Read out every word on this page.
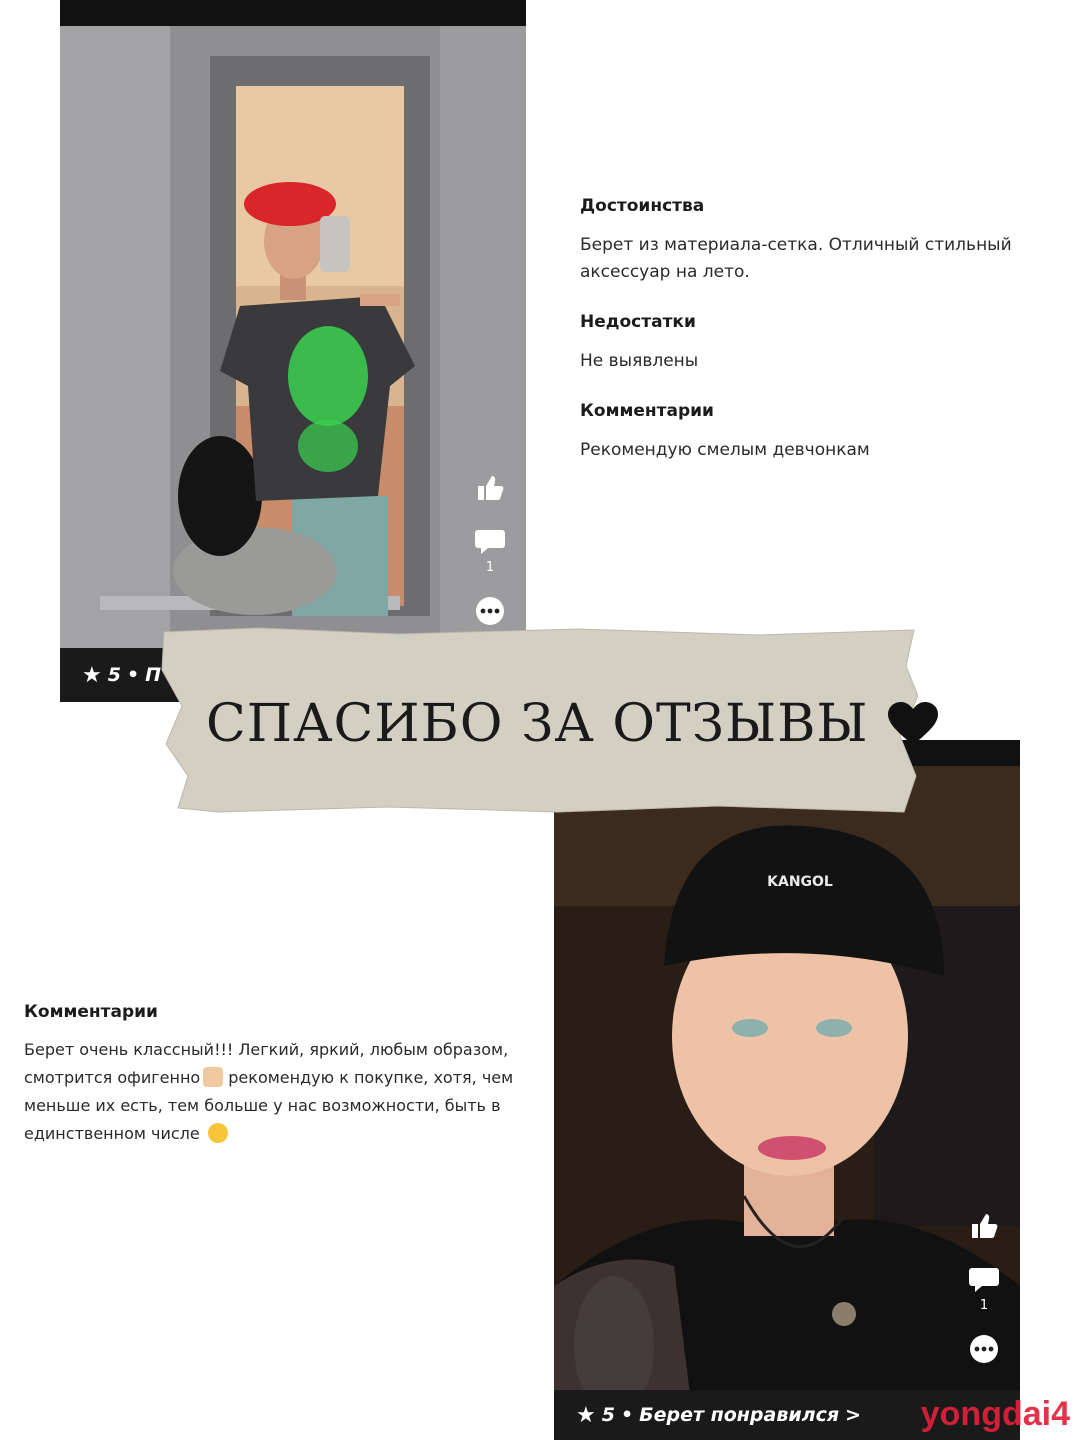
1
★ 5 • П
Достоинства

Берет из материала-сетка. Отличный стильный аксессуар на лето.

Недостатки

Не выявлены

Комментарии

Рекомендую смелым девчонкам

KANGOL
1
★ 5 • Берет понравился >
Комментарии

Берет очень классный!!! Легкий, яркий, любым образом, смотрится офигенно рекомендую к покупке, хотя, чем меньше их есть, тем больше у нас возможности, быть в единственном числе

СПАСИБО ЗА ОТЗЫВЫ
yongdai4
